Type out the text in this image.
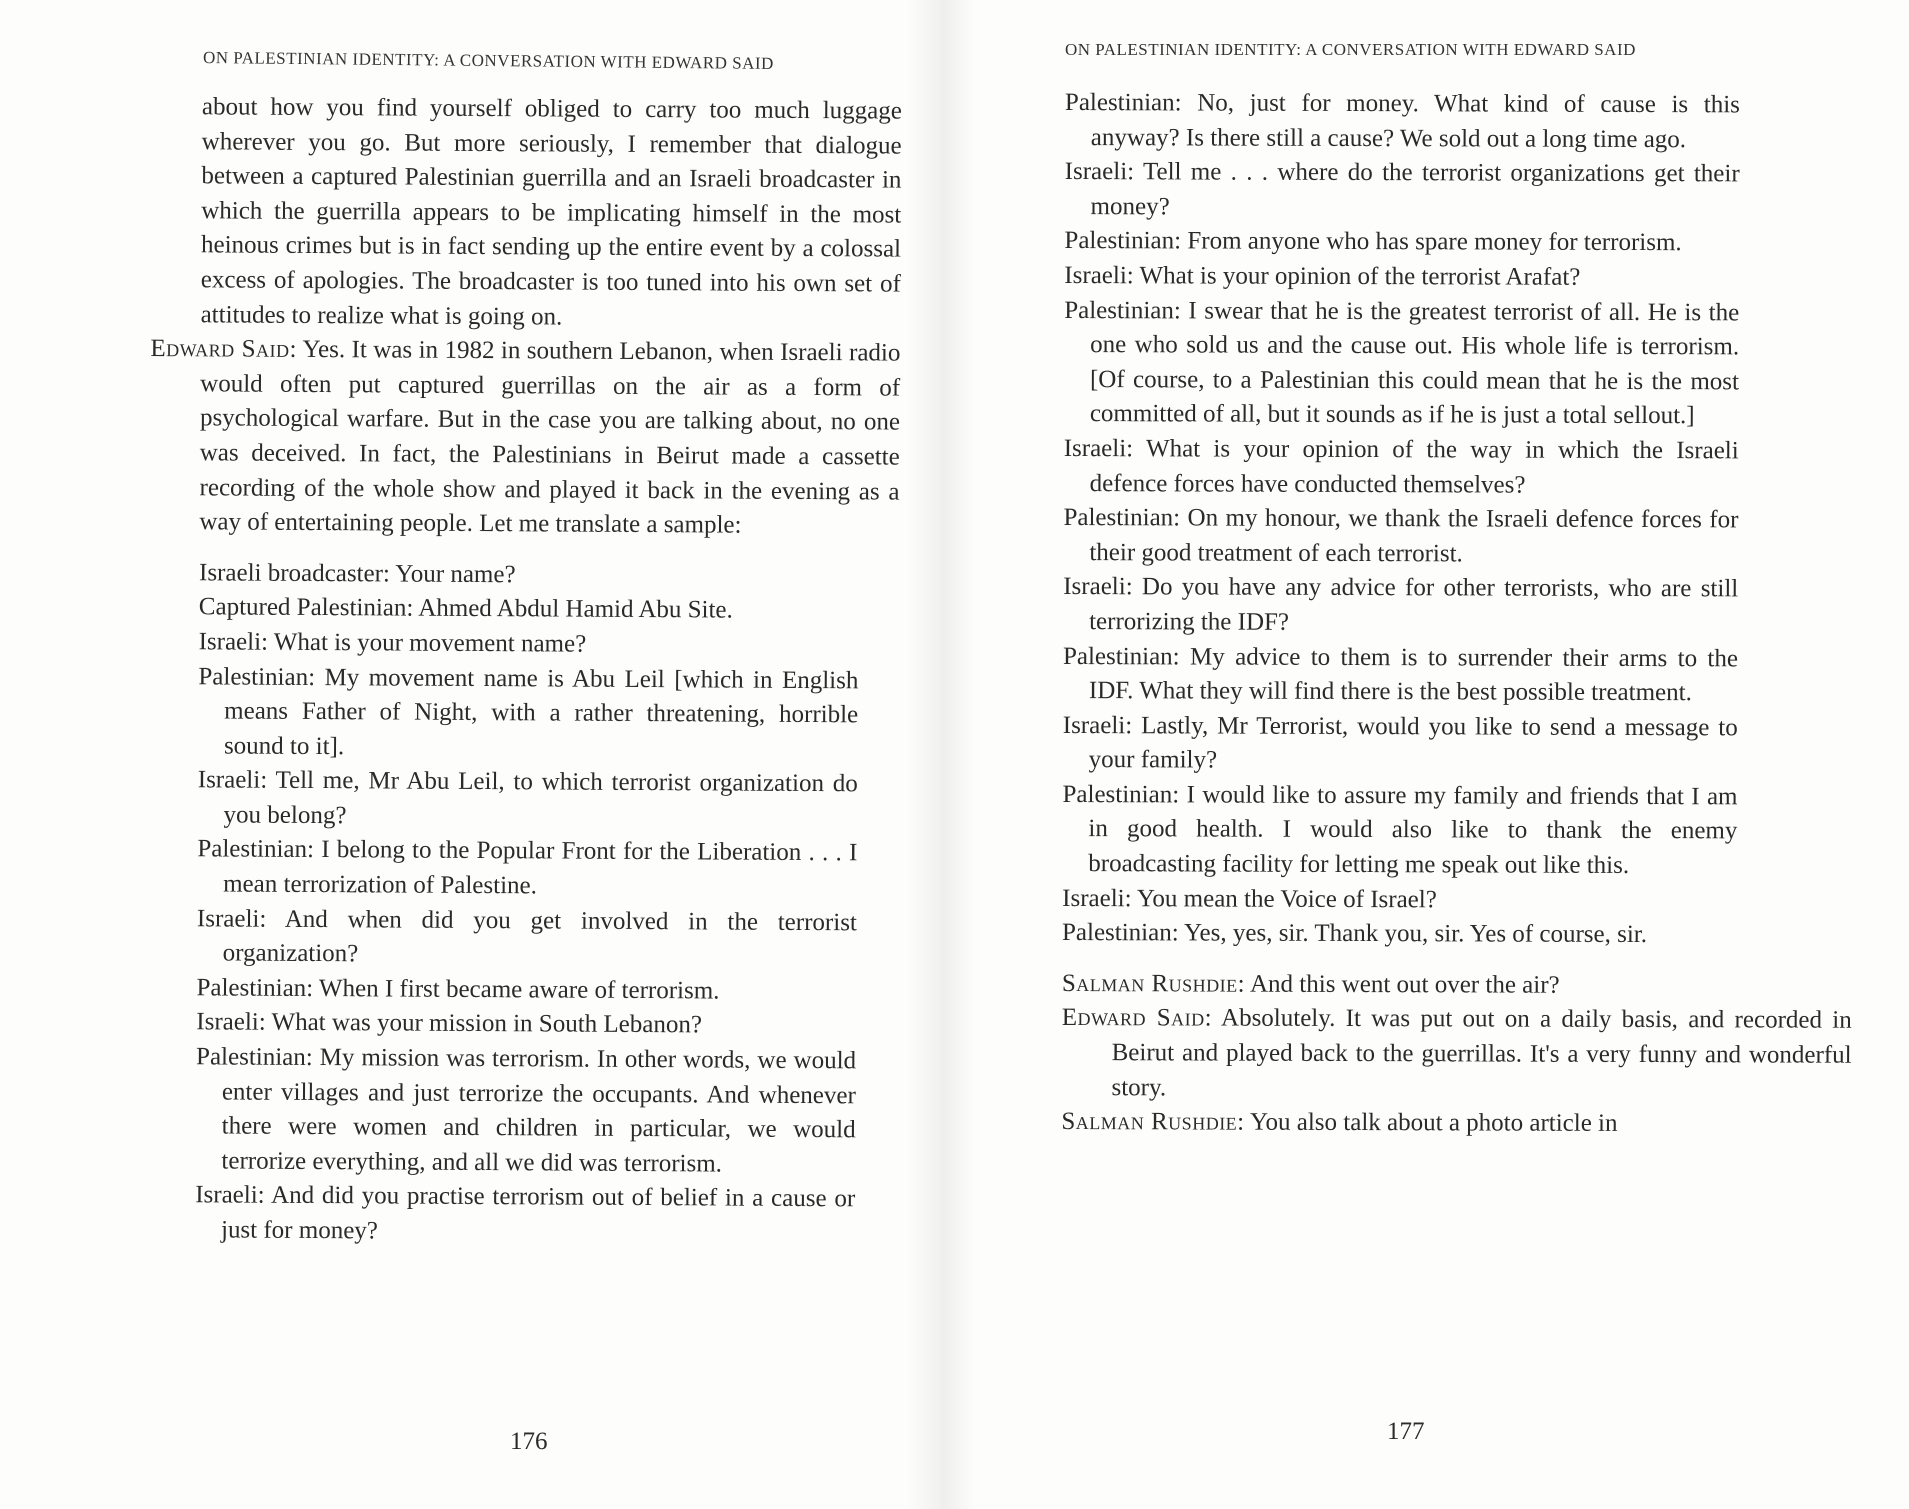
ON PALESTINIAN IDENTITY: A CONVERSATION WITH EDWARD SAID
about how you find yourself obliged to carry too much luggage wherever you go. But more seriously, I remember that dialogue between a captured Palestinian guerrilla and an Israeli broadcaster in which the guerrilla appears to be implicating himself in the most heinous crimes but is in fact sending up the entire event by a colossal excess of apologies. The broadcaster is too tuned into his own set of attitudes to realize what is going on.
Edward Said: Yes. It was in 1982 in southern Lebanon, when Israeli radio would often put captured guerrillas on the air as a form of psychological warfare. But in the case you are talking about, no one was deceived. In fact, the Palestinians in Beirut made a cassette recording of the whole show and played it back in the evening as a way of entertaining people. Let me translate a sample:
Israeli broadcaster: Your name?
Captured Palestinian: Ahmed Abdul Hamid Abu Site.
Israeli: What is your movement name?
Palestinian: My movement name is Abu Leil [which in English means Father of Night, with a rather threatening, horrible sound to it].
Israeli: Tell me, Mr Abu Leil, to which terrorist organization do you belong?
Palestinian: I belong to the Popular Front for the Liberation . . . I mean terrorization of Palestine.
Israeli: And when did you get involved in the terrorist organization?
Palestinian: When I first became aware of terrorism.
Israeli: What was your mission in South Lebanon?
Palestinian: My mission was terrorism. In other words, we would enter villages and just terrorize the occupants. And whenever there were women and children in particular, we would terrorize everything, and all we did was terrorism.
Israeli: And did you practise terrorism out of belief in a cause or just for money?
176
ON PALESTINIAN IDENTITY: A CONVERSATION WITH EDWARD SAID
Palestinian: No, just for money. What kind of cause is this anyway? Is there still a cause? We sold out a long time ago.
Israeli: Tell me . . . where do the terrorist organizations get their money?
Palestinian: From anyone who has spare money for terrorism.
Israeli: What is your opinion of the terrorist Arafat?
Palestinian: I swear that he is the greatest terrorist of all. He is the one who sold us and the cause out. His whole life is terrorism. [Of course, to a Palestinian this could mean that he is the most committed of all, but it sounds as if he is just a total sellout.]
Israeli: What is your opinion of the way in which the Israeli defence forces have conducted themselves?
Palestinian: On my honour, we thank the Israeli defence forces for their good treatment of each terrorist.
Israeli: Do you have any advice for other terrorists, who are still terrorizing the IDF?
Palestinian: My advice to them is to surrender their arms to the IDF. What they will find there is the best possible treatment.
Israeli: Lastly, Mr Terrorist, would you like to send a message to your family?
Palestinian: I would like to assure my family and friends that I am in good health. I would also like to thank the enemy broadcasting facility for letting me speak out like this.
Israeli: You mean the Voice of Israel?
Palestinian: Yes, yes, sir. Thank you, sir. Yes of course, sir.
Salman Rushdie: And this went out over the air?
Edward Said: Absolutely. It was put out on a daily basis, and recorded in Beirut and played back to the guerrillas. It's a very funny and wonderful story.
Salman Rushdie: You also talk about a photo article in
177
